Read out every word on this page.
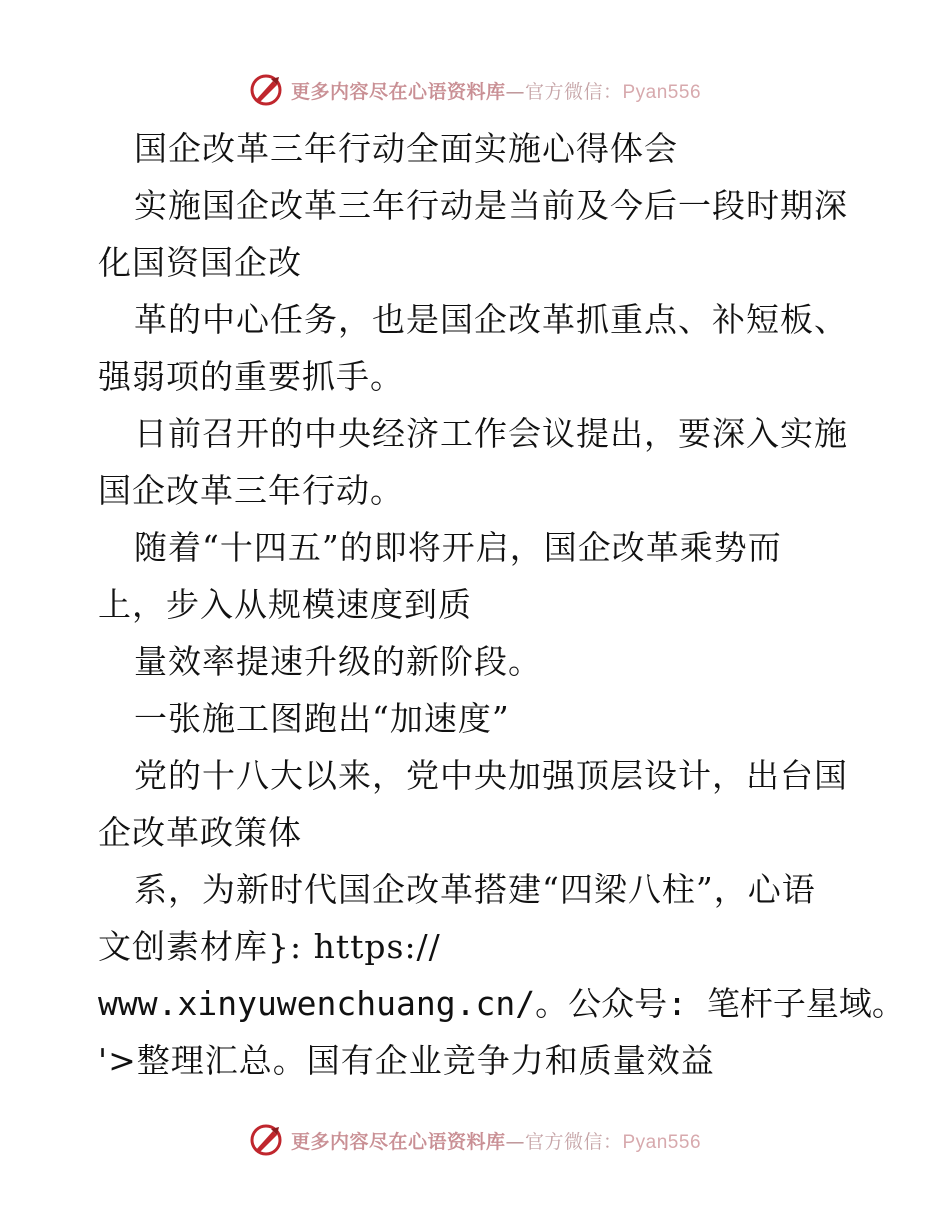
更多内容尽在心语资料库—官方微信：Pyan556
国企改革三年行动全面实施心得体会
实施国企改革三年行动是当前及今后一段时期深
化国资国企改
革的中心任务，也是国企改革抓重点、补短板、
强弱项的重要抓手。
日前召开的中央经济工作会议提出，要深入实施
国企改革三年行动。
随着“十四五”的即将开启，国企改革乘势而
上，步入从规模速度到质
量效率提速升级的新阶段。
一张施工图跑出“加速度”
党的十八大以来，党中央加强顶层设计，出台国
企改革政策体
系，为新时代国企改革搭建“四梁八柱”，心语
文创素材库}: https://
www.xinyuwenchuang.cn/。公众号: 笔杆子星域。
'>整理汇总。国有企业竞争力和质量效益
更多内容尽在心语资料库—官方微信：Pyan556
